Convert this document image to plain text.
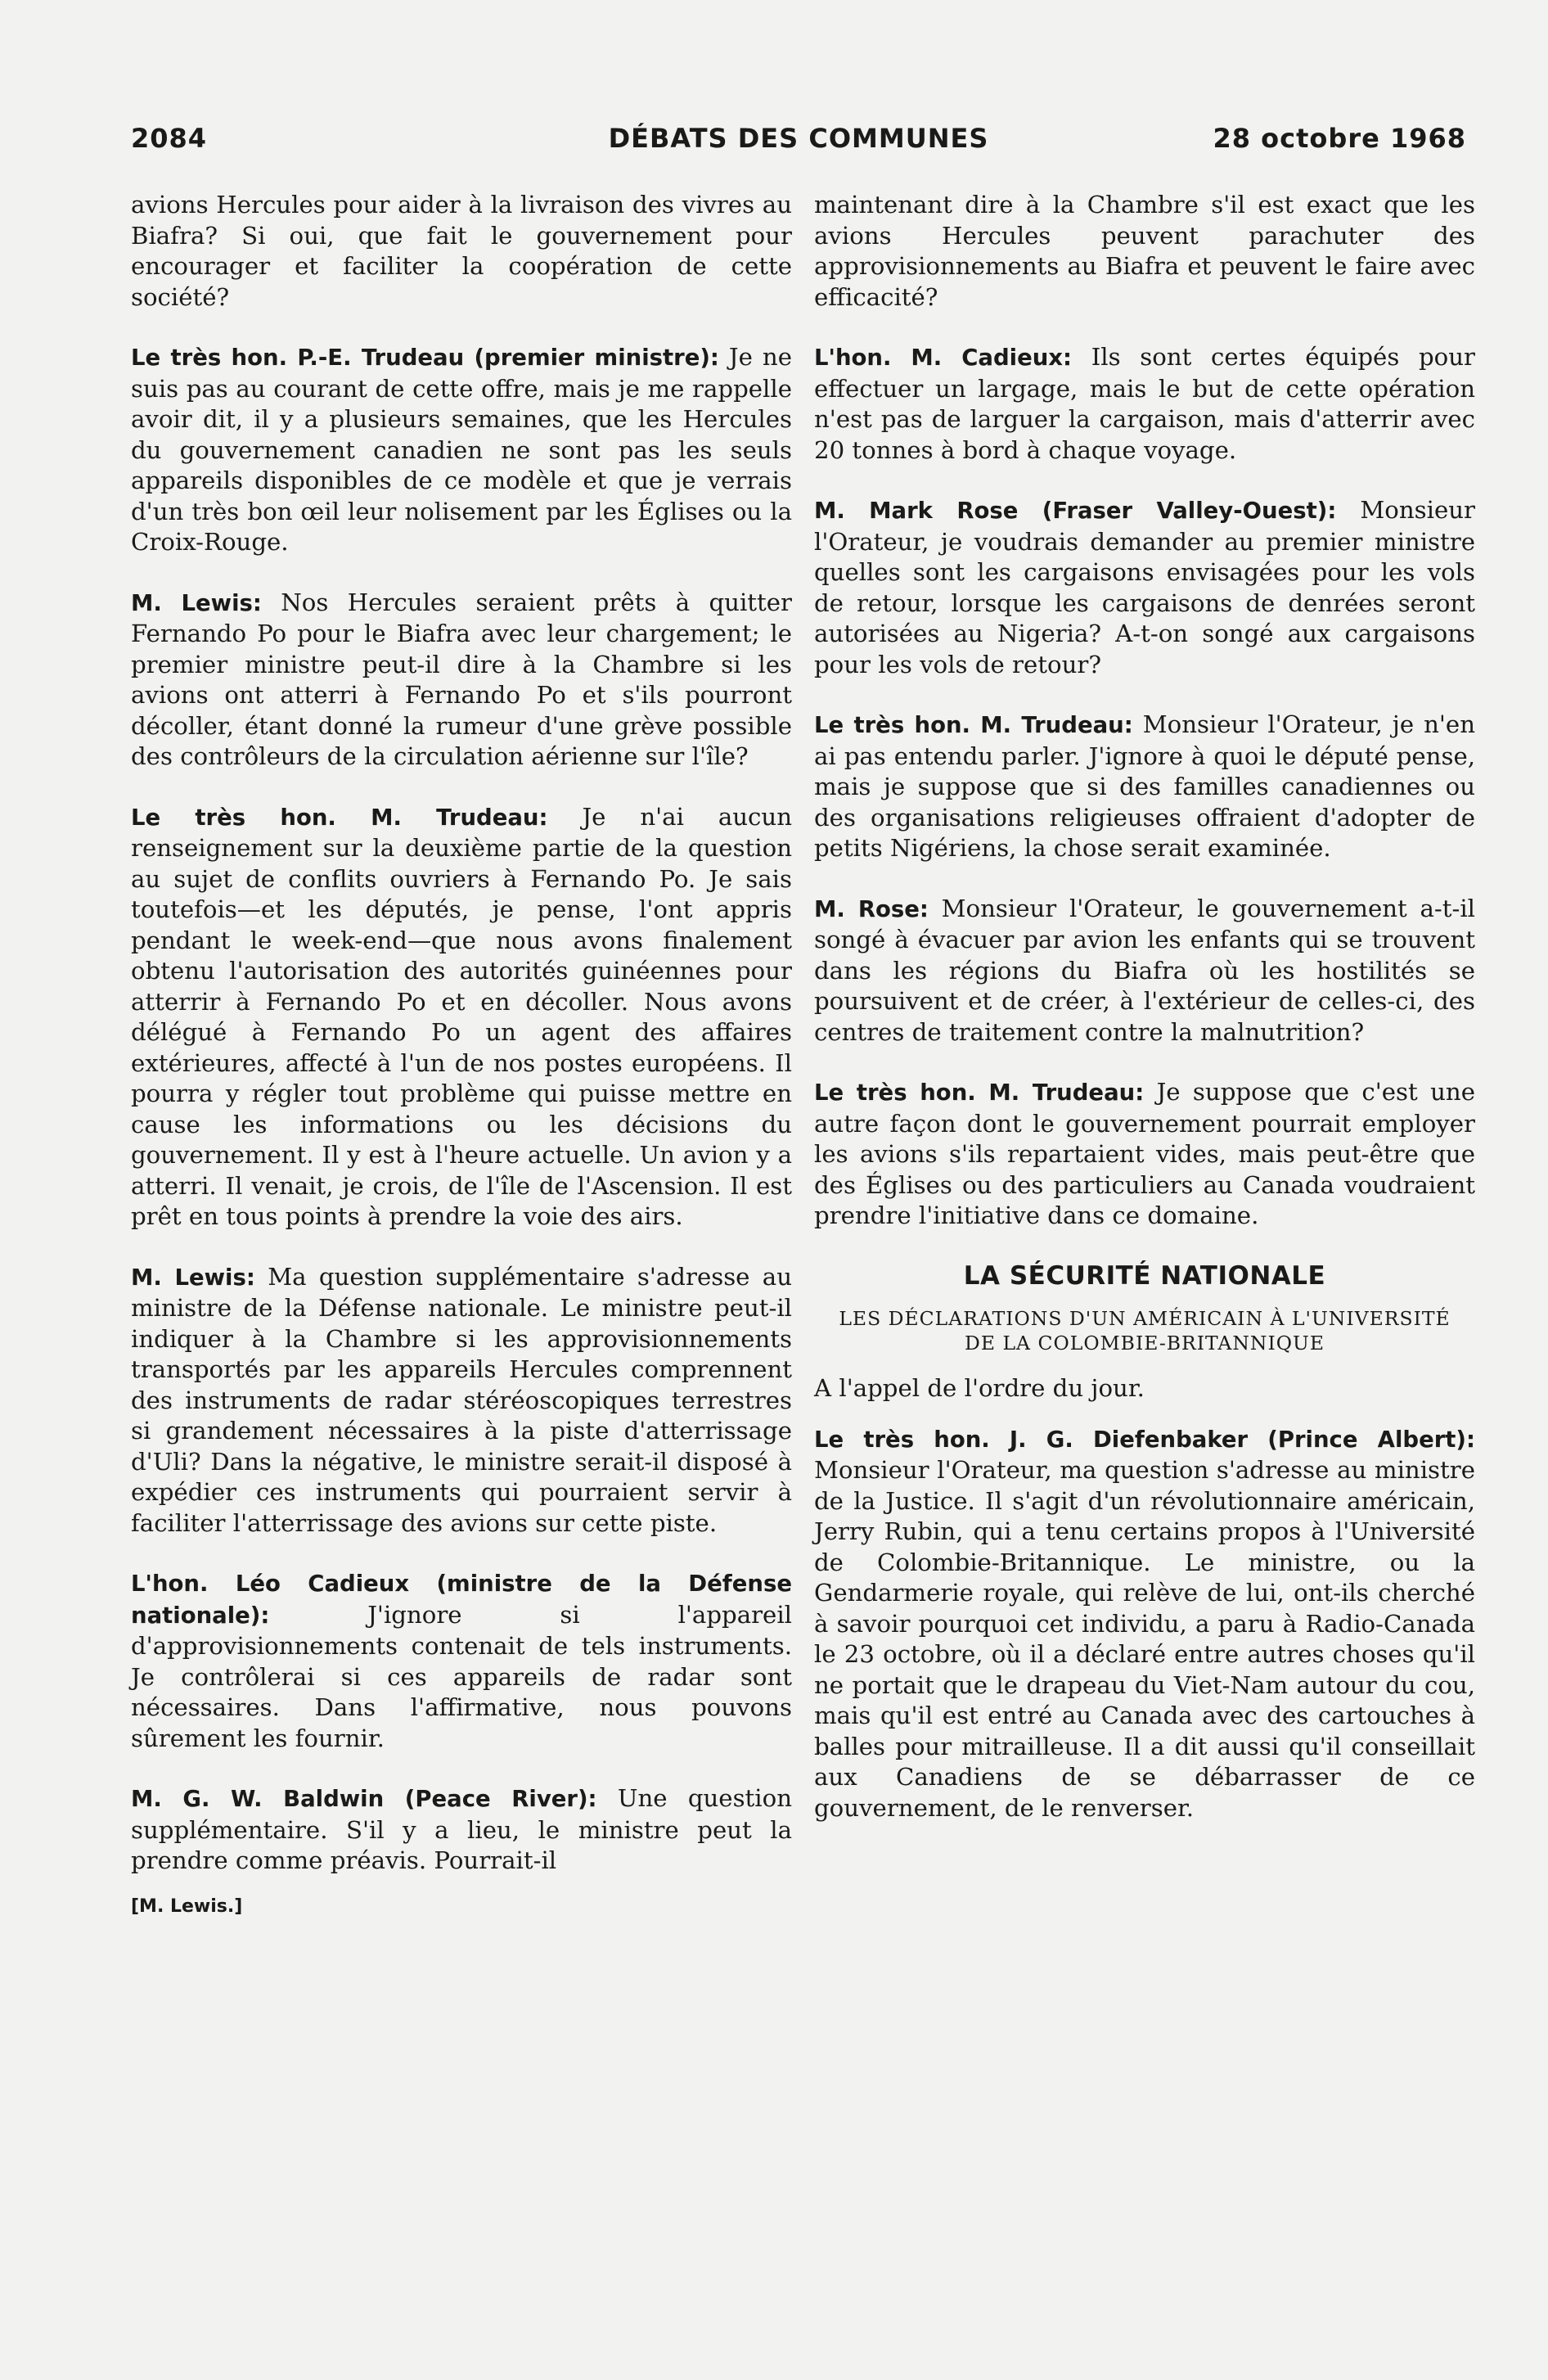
2084	DÉBATS DES COMMUNES	28 octobre 1968

avions Hercules pour aider à la livraison des vivres au Biafra? Si oui, que fait le gouvernement pour encourager et faciliter la coopération de cette société?

Le très hon. P.-E. Trudeau (premier ministre): Je ne suis pas au courant de cette offre, mais je me rappelle avoir dit, il y a plusieurs semaines, que les Hercules du gouvernement canadien ne sont pas les seuls appareils disponibles de ce modèle et que je verrais d'un très bon œil leur nolisement par les Églises ou la Croix-Rouge.

M. Lewis: Nos Hercules seraient prêts à quitter Fernando Po pour le Biafra avec leur chargement; le premier ministre peut-il dire à la Chambre si les avions ont atterri à Fernando Po et s'ils pourront décoller, étant donné la rumeur d'une grève possible des contrôleurs de la circulation aérienne sur l'île?

Le très hon. M. Trudeau: Je n'ai aucun renseignement sur la deuxième partie de la question au sujet de conflits ouvriers à Fernando Po. Je sais toutefois—et les députés, je pense, l'ont appris pendant le week-end—que nous avons finalement obtenu l'autorisation des autorités guinéennes pour atterrir à Fernando Po et en décoller. Nous avons délégué à Fernando Po un agent des affaires extérieures, affecté à l'un de nos postes européens. Il pourra y régler tout problème qui puisse mettre en cause les informations ou les décisions du gouvernement. Il y est à l'heure actuelle. Un avion y a atterri. Il venait, je crois, de l'île de l'Ascension. Il est prêt en tous points à prendre la voie des airs.

M. Lewis: Ma question supplémentaire s'adresse au ministre de la Défense nationale. Le ministre peut-il indiquer à la Chambre si les approvisionnements transportés par les appareils Hercules comprennent des instruments de radar stéréoscopiques terrestres si grandement nécessaires à la piste d'atterrissage d'Uli? Dans la négative, le ministre serait-il disposé à expédier ces instruments qui pourraient servir à faciliter l'atterrissage des avions sur cette piste.

L'hon. Léo Cadieux (ministre de la Défense nationale): J'ignore si l'appareil d'approvisionnements contenait de tels instruments. Je contrôlerai si ces appareils de radar sont nécessaires. Dans l'affirmative, nous pouvons sûrement les fournir.

M. G. W. Baldwin (Peace River): Une question supplémentaire. S'il y a lieu, le ministre peut la prendre comme préavis. Pourrait-il

[M. Lewis.]

maintenant dire à la Chambre s'il est exact que les avions Hercules peuvent parachuter des approvisionnements au Biafra et peuvent le faire avec efficacité?

L'hon. M. Cadieux: Ils sont certes équipés pour effectuer un largage, mais le but de cette opération n'est pas de larguer la cargaison, mais d'atterrir avec 20 tonnes à bord à chaque voyage.

M. Mark Rose (Fraser Valley-Ouest): Monsieur l'Orateur, je voudrais demander au premier ministre quelles sont les cargaisons envisagées pour les vols de retour, lorsque les cargaisons de denrées seront autorisées au Nigeria? A-t-on songé aux cargaisons pour les vols de retour?

Le très hon. M. Trudeau: Monsieur l'Orateur, je n'en ai pas entendu parler. J'ignore à quoi le député pense, mais je suppose que si des familles canadiennes ou des organisations religieuses offraient d'adopter de petits Nigériens, la chose serait examinée.

M. Rose: Monsieur l'Orateur, le gouvernement a-t-il songé à évacuer par avion les enfants qui se trouvent dans les régions du Biafra où les hostilités se poursuivent et de créer, à l'extérieur de celles-ci, des centres de traitement contre la malnutrition?

Le très hon. M. Trudeau: Je suppose que c'est une autre façon dont le gouvernement pourrait employer les avions s'ils repartaient vides, mais peut-être que des Églises ou des particuliers au Canada voudraient prendre l'initiative dans ce domaine.

LA SÉCURITÉ NATIONALE
LES DÉCLARATIONS D'UN AMÉRICAIN À L'UNIVERSITÉ DE LA COLOMBIE-BRITANNIQUE

A l'appel de l'ordre du jour.

Le très hon. J. G. Diefenbaker (Prince Albert): Monsieur l'Orateur, ma question s'adresse au ministre de la Justice. Il s'agit d'un révolutionnaire américain, Jerry Rubin, qui a tenu certains propos à l'Université de Colombie-Britannique. Le ministre, ou la Gendarmerie royale, qui relève de lui, ont-ils cherché à savoir pourquoi cet individu, a paru à Radio-Canada le 23 octobre, où il a déclaré entre autres choses qu'il ne portait que le drapeau du Viet-Nam autour du cou, mais qu'il est entré au Canada avec des cartouches à balles pour mitrailleuse. Il a dit aussi qu'il conseillait aux Canadiens de se débarrasser de ce gouvernement, de le renverser.
